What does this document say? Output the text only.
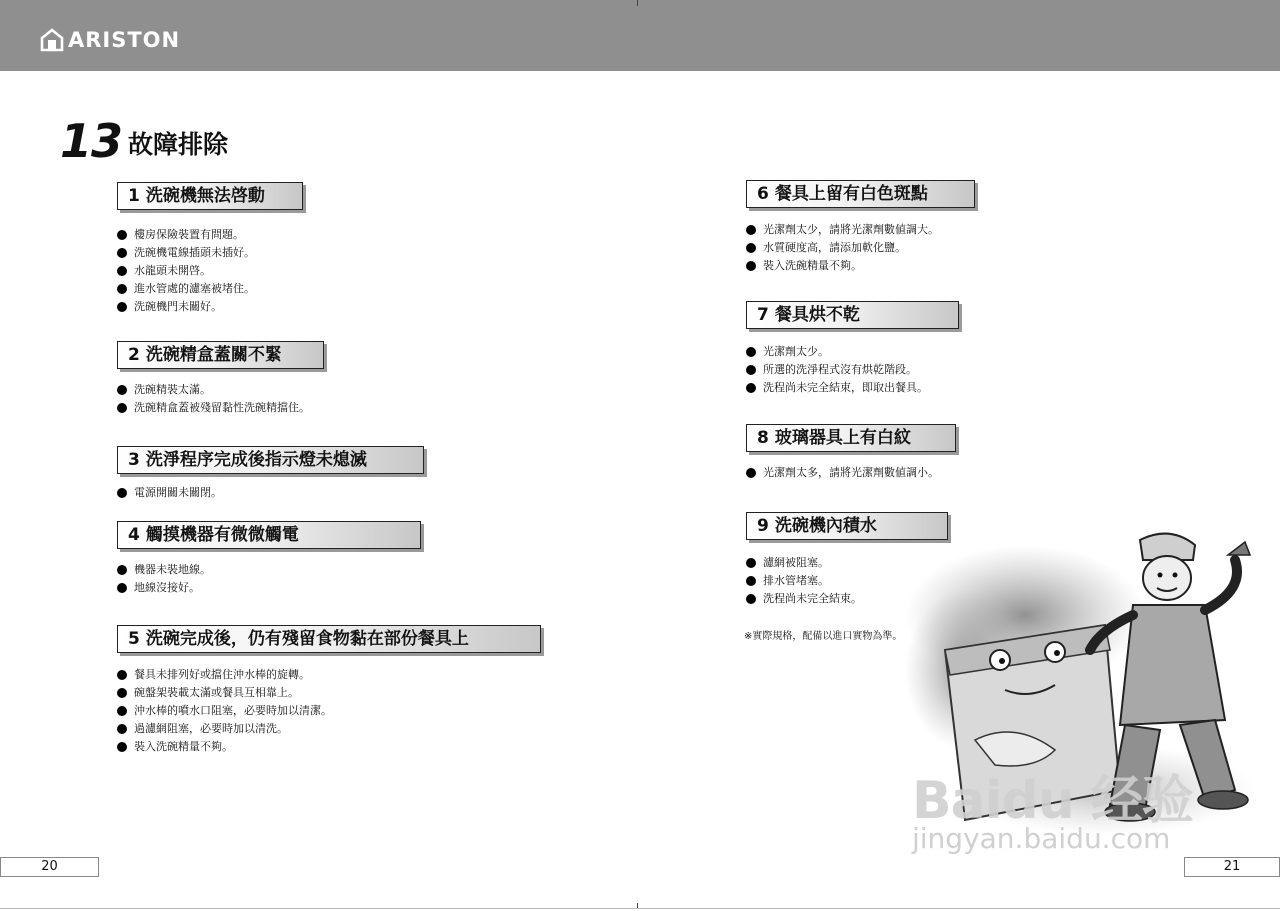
ARISTON
13 故障排除
1 洗碗機無法啓動
樓房保險裝置有問題。
洗碗機電線插頭未插好。
水龍頭未開啓。
進水管處的濾塞被堵住。
洗碗機門未關好。
2 洗碗精盒蓋關不緊
洗碗精裝太滿。
洗碗精盒蓋被殘留黏性洗碗精擋住。
3 洗淨程序完成後指示燈未熄滅
電源開關未關閉。
4 觸摸機器有微微觸電
機器未裝地線。
地線沒接好。
5 洗碗完成後，仍有殘留食物黏在部份餐具上
餐具未排列好或擋住沖水棒的旋轉。
碗盤架裝載太滿或餐具互相靠上。
沖水棒的噴水口阻塞，必要時加以清潔。
過濾網阻塞，必要時加以清洗。
裝入洗碗精量不夠。
6 餐具上留有白色斑點
光潔劑太少，請將光潔劑數値調大。
水質硬度高，請添加軟化鹽。
裝入洗碗精量不夠。
7 餐具烘不乾
光潔劑太少。
所選的洗淨程式沒有烘乾階段。
洗程尚未完全結束，即取出餐具。
8 玻璃器具上有白紋
光潔劑太多，請將光潔劑數値調小。
9 洗碗機內積水
濾網被阻塞。
排水管堵塞。
洗程尚未完全結束。
※實際規格，配備以進口實物為準。
Baidu 经验
jingyan.baidu.com
20	21
